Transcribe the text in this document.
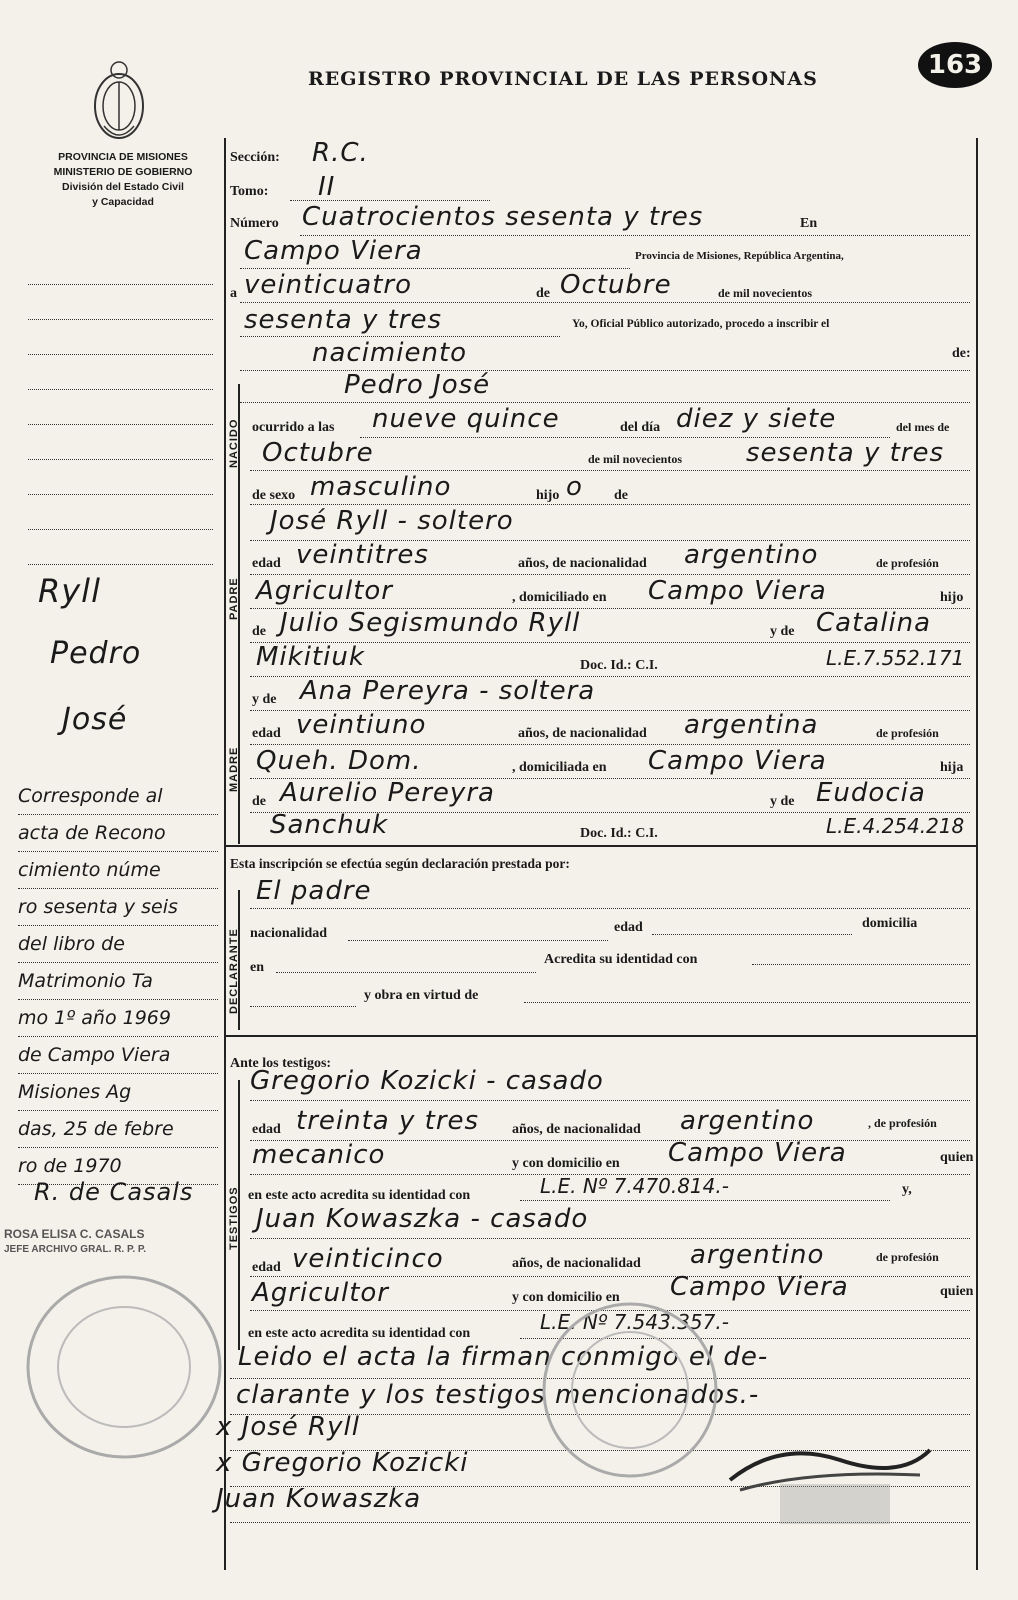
PROVINCIA DE MISIONES
MINISTERIO DE GOBIERNO
División del Estado Civil
y Capacidad
REGISTRO PROVINCIAL DE LAS PERSONAS	163
Ryll
Pedro
José
Corresponde al
acta de Recono
cimiento núme
ro sesenta y seis
del libro de
Matrimonio Ta
mo 1º año 1969
de Campo Viera
Misiones Ag
das, 25 de febre
ro de 1970
R. de Casals
ROSA ELISA C. CASALS
JEFE ARCHIVO GRAL. R. P. P.
Sección: R.C.
Tomo: II
Número Cuatrocientos sesenta y tres	En
Campo Viera	Provincia de Misiones, República Argentina,
a veinticuatro	de Octubre	de mil novecientos
sesenta y tres	Yo, Oficial Público autorizado, procedo a inscribir el
nacimiento	de:
Pedro José
NACIDO ocurrido a las nueve quince	del día diez y siete	del mes de
Octubre	de mil novecientos sesenta y tres
de sexo masculino	hijo o de
PADRE
José Ryll - soltero
edad veintitres	años, de nacionalidad argentino	de profesión
Agricultor	, domiciliado en Campo Viera	hijo
de Julio Segismundo Ryll	y de Catalina
Mikitiuk	Doc. Id.: C.I.	L.E.7.552.171
MADRE
y de Ana Pereyra - soltera
edad veintiuno	años, de nacionalidad argentina	de profesión
Queh. Dom.	, domiciliada en Campo Viera	hija
de Aurelio Pereyra	y de Eudocia
Sanchuk	Doc. Id.: C.I.	L.E.4.254.218
Esta inscripción se efectúa según declaración prestada por:
El padre
DECLARANTE nacionalidad	edad	domicilia
en
Acredita su identidad con
y obra en virtud de
Ante los testigos:
TESTIGOS
Gregorio Kozicki - casado
edad treinta y tres años, de nacionalidad argentino	, de profesión
mecanico	y con domicilio en Campo Viera	quien
en este acto acredita su identidad con	L.E. Nº 7.470.814.-	y,
Juan Kowaszka - casado
edad veinticinco	años, de nacionalidad argentino	de profesión
Agricultor	y con domicilio en Campo Viera	quien
en este acto acredita su identidad con	L.E. Nº 7.543.357.-
Leido el acta la firman conmigo el de-
clarante y los testigos mencionados.-
x José Ryll
x Gregorio Kozicki
Juan Kowaszka
